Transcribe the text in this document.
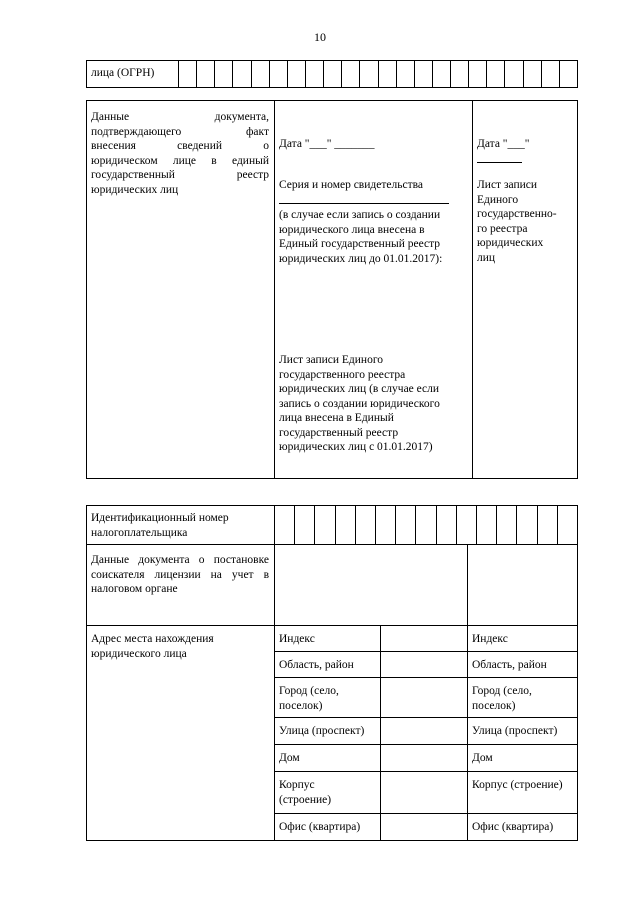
10
лица (ОГРН)
Данные документа,
подтверждающего факт
внесения сведений о
юридическом лице в единый
государственный реестр
юридических лиц
Дата "___" _______
Серия и номер свидетельства
(в случае если запись о создании
юридического лица внесена в
Единый государственный реестр
юридических лиц до 01.01.2017):
Лист записи Единого
государственного реестра
юридических лиц (в случае если
запись о создании юридического
лица внесена в Единый
государственный реестр
юридических лиц с 01.01.2017)
Дата "___"
Лист записи
Единого
государственно-
го реестра
юридических
лиц
Идентификационный номер
налогоплательщика
Данные документа о постановке
соискателя лицензии на учет в
налоговом органе
Адрес места нахождения
юридического лица
Индекс
Область, район
Город (село,
поселок)
Улица (проспект)
Дом
Корпус
(строение)
Офис (квартира)
Индекс
Область, район
Город (село,
поселок)
Улица (проспект)
Дом
Корпус (строение)
Офис (квартира)
